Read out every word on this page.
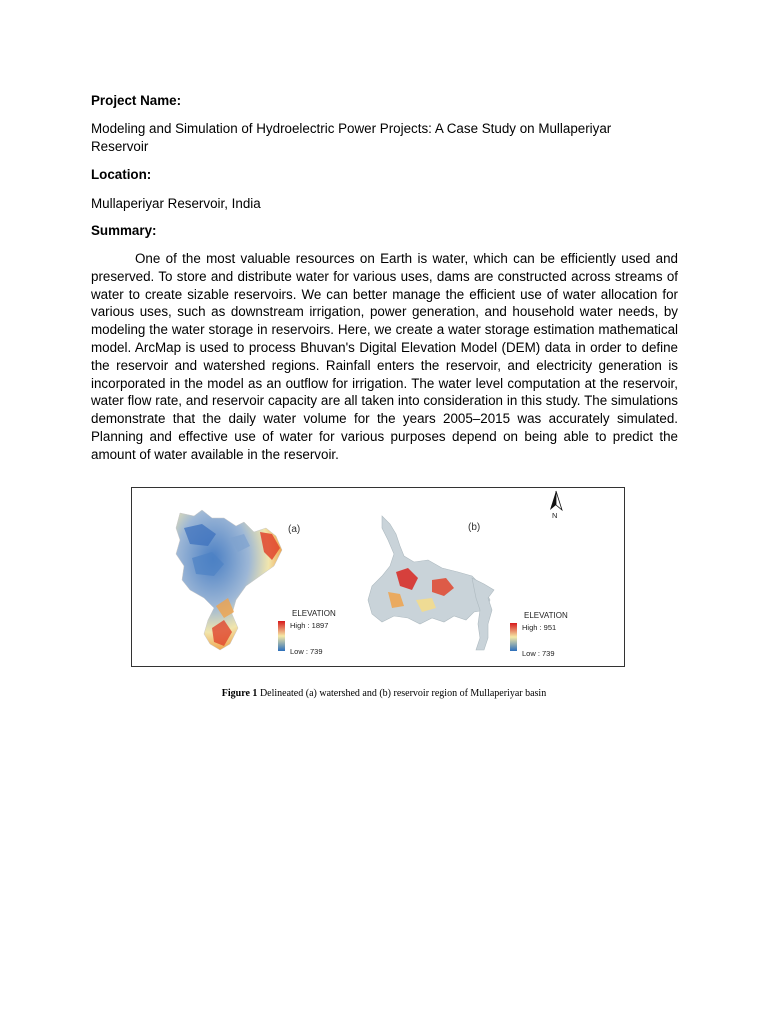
Project Name:
Modeling and Simulation of Hydroelectric Power Projects: A Case Study on Mullaperiyar Reservoir
Location:
Mullaperiyar Reservoir, India
Summary:
One of the most valuable resources on Earth is water, which can be efficiently used and preserved. To store and distribute water for various uses, dams are constructed across streams of water to create sizable reservoirs. We can better manage the efficient use of water allocation for various uses, such as downstream irrigation, power generation, and household water needs, by modeling the water storage in reservoirs. Here, we create a water storage estimation mathematical model. ArcMap is used to process Bhuvan's Digital Elevation Model (DEM) data in order to define the reservoir and watershed regions. Rainfall enters the reservoir, and electricity generation is incorporated in the model as an outflow for irrigation. The water level computation at the reservoir, water flow rate, and reservoir capacity are all taken into consideration in this study. The simulations demonstrate that the daily water volume for the years 2005–2015 was accurately simulated. Planning and effective use of water for various purposes depend on being able to predict the amount of water available in the reservoir.
(a)
ELEVATION
High : 1897
Low : 739
(b)
ELEVATION
High : 951
Low : 739
N
Figure 1 Delineated (a) watershed and (b) reservoir region of Mullaperiyar basin
